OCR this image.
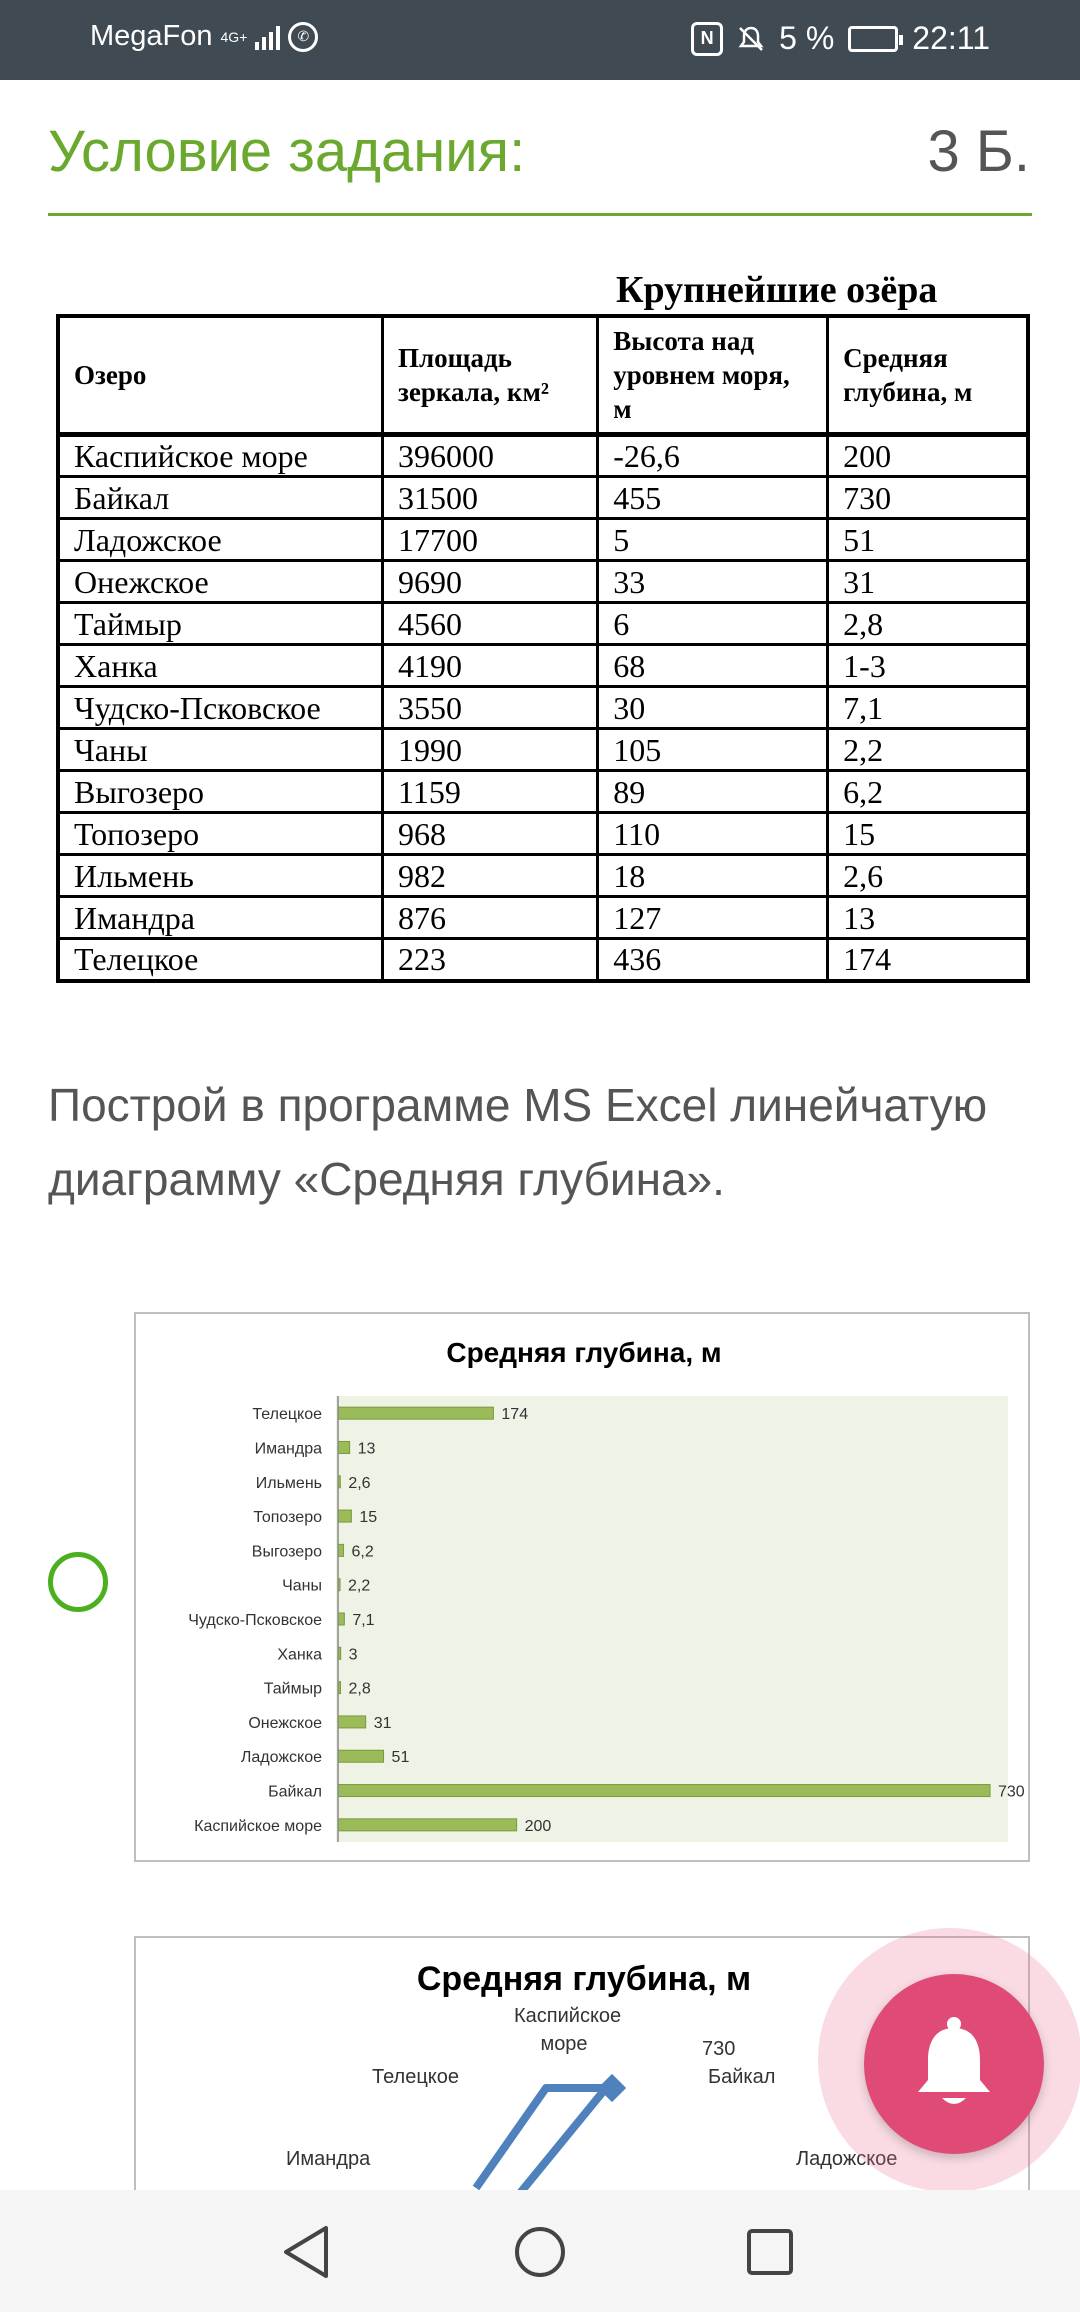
MegaFon 4G+	✆	N 5 % 22:11
Условие задания:	3 Б.
Крупнейшие озёра
Озеро	Площадь зеркала, км²	Высота над уровнем моря, м	Средняя глубина, м
Каспийское море	396000	-26,6	200
Байкал	31500	455	730
Ладожское	17700	5	51
Онежское	9690	33	31
Таймыр	4560	6	2,8
Ханка	4190	68	1-3
Чудско-Псковское	3550	30	7,1
Чаны	1990	105	2,2
Выгозеро	1159	89	6,2
Топозеро	968	110	15
Ильмень	982	18	2,6
Имандра	876	127	13
Телецкое	223	436	174

Построй в программе MS Excel линейчатую диаграмму «Средняя глубина».

Средняя глубина, м
Телецкое	174
Имандра 13
Ильмень 2,6
Топозеро 15
Выгозеро 6,2
Чаны 2,2
Чудско-Псковское 7,1
Ханка 3
Таймыр 2,8
Онежское	31
Ладожское	51
Байкал	730
Каспийское море	200
Средняя глубина, м
Каспийское море	730
Байкал
Телецкое
Ладожское
Имандра
